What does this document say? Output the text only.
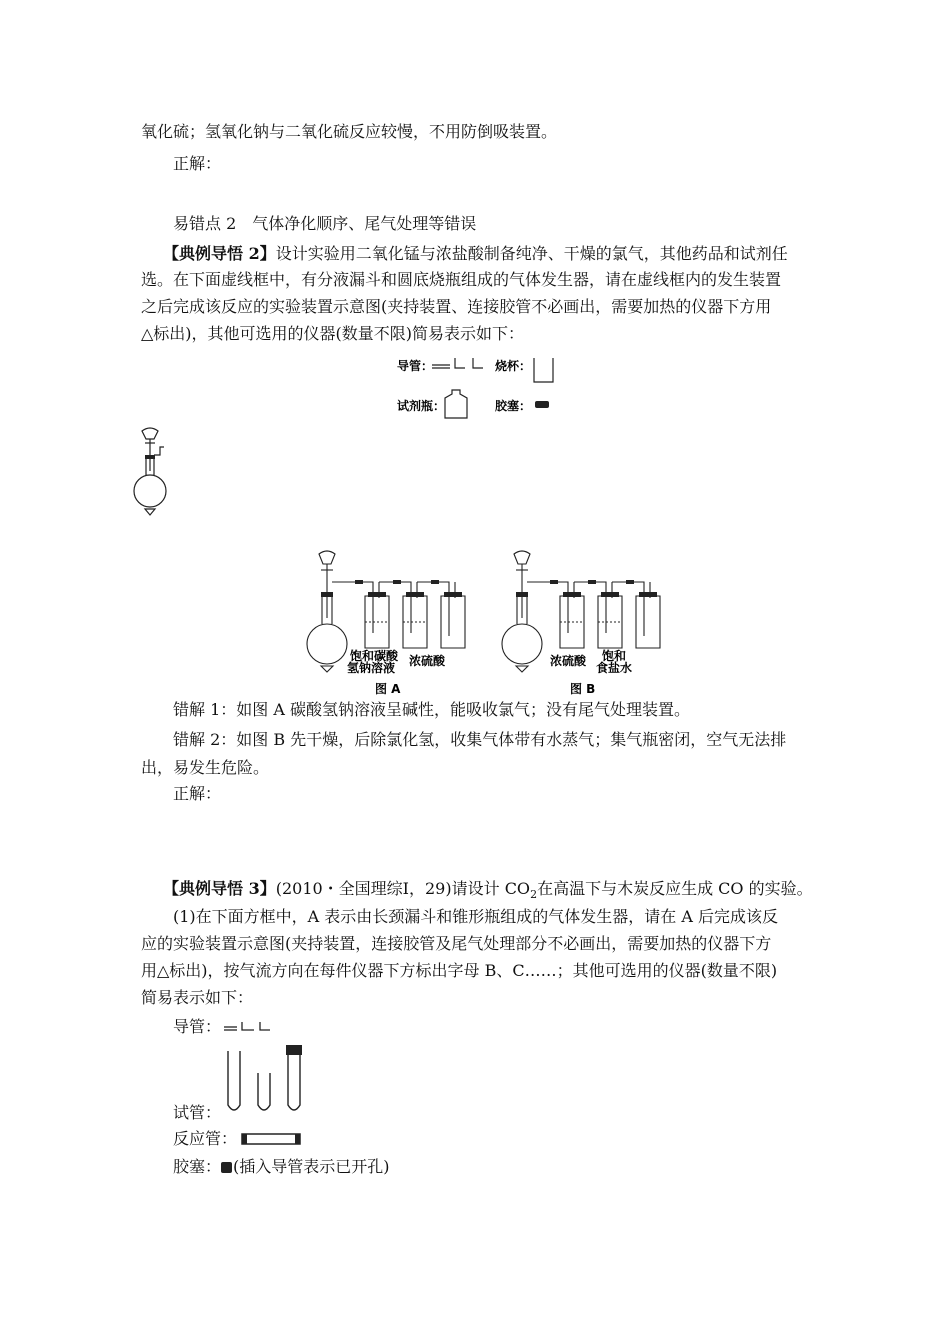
氧化硫；氢氧化钠与二氧化硫反应较慢，不用防倒吸装置。
正解：
易错点 2　气体净化顺序、尾气处理等错误
【典例导悟 2】设计实验用二氧化锰与浓盐酸制备纯净、干燥的氯气，其他药品和试剂任
选。在下面虚线框中，有分液漏斗和圆底烧瓶组成的气体发生器，请在虚线框内的发生装置
之后完成该反应的实验装置示意图(夹持装置、连接胶管不必画出，需要加热的仪器下方用
△标出)，其他可选用的仪器(数量不限)简易表示如下：
导管：	烧杯：
试剂瓶：	胶塞：
饱和碳酸
氢钠溶液 浓硫酸
图 A
浓硫酸 饱和
食盐水
图 B
错解 1：如图 A 碳酸氢钠溶液呈碱性，能吸收氯气；没有尾气处理装置。
错解 2：如图 B 先干燥，后除氯化氢，收集气体带有水蒸气；集气瓶密闭，空气无法排
出，易发生危险。
正解：
【典例导悟 3】(2010・全国理综Ⅰ，29)请设计 $CO_2$在高温下与木炭反应生成 CO 的实验。
(1)在下面方框中，A 表示由长颈漏斗和锥形瓶组成的气体发生器，请在 A 后完成该反
应的实验装置示意图(夹持装置，连接胶管及尾气处理部分不必画出，需要加热的仪器下方
用△标出)，按气流方向在每件仪器下方标出字母 B、C……；其他可选用的仪器(数量不限)
简易表示如下：
导管：
试管：
反应管：
胶塞： (插入导管表示已开孔)
